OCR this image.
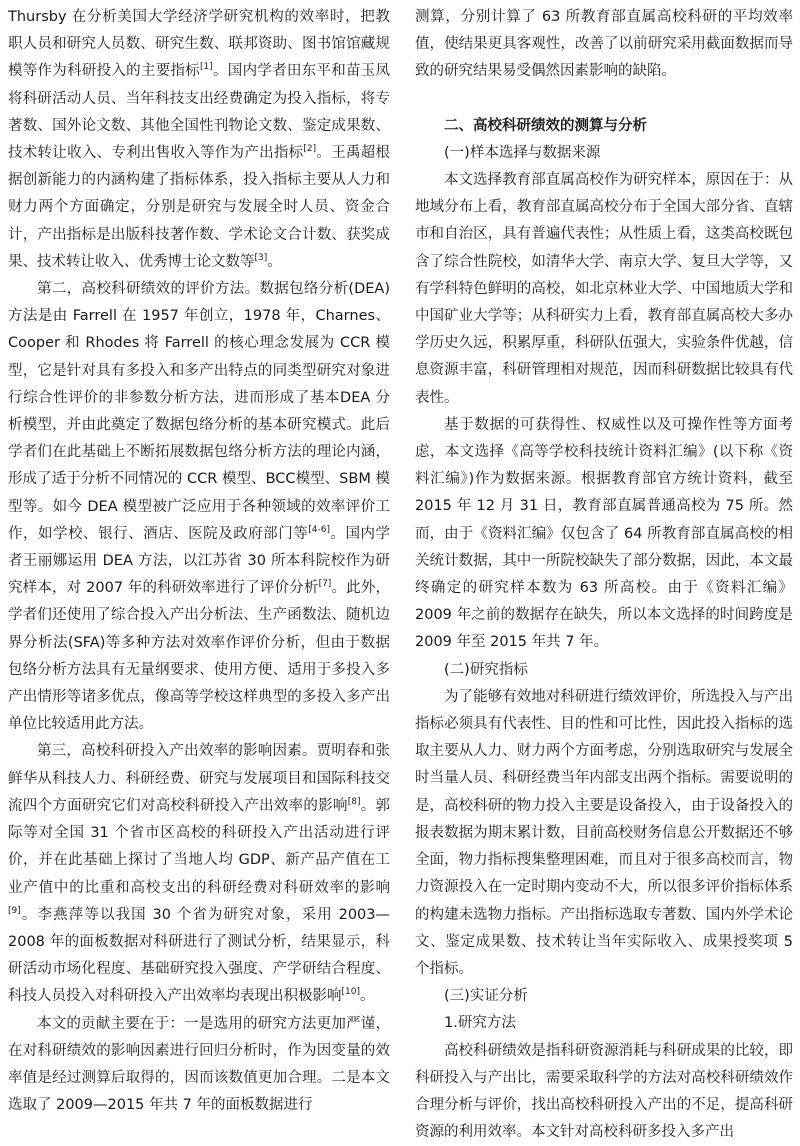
Thursby 在分析美国大学经济学研究机构的效率时，把教职人员和研究人员数、研究生数、联邦资助、图书馆馆藏规模等作为科研投入的主要指标[1]。国内学者田东平和苗玉凤将科研活动人员、当年科技支出经费确定为投入指标，将专著数、国外论文数、其他全国性刊物论文数、鉴定成果数、技术转让收入、专利出售收入等作为产出指标[2]。王禹超根据创新能力的内涵构建了指标体系，投入指标主要从人力和财力两个方面确定，分别是研究与发展全时人员、资金合计，产出指标是出版科技著作数、学术论文合计数、获奖成果、技术转让收入、优秀博士论文数等[3]。

第二，高校科研绩效的评价方法。数据包络分析(DEA)方法是由 Farrell 在 1957 年创立，1978 年，Charnes、Cooper 和 Rhodes 将 Farrell 的核心理念发展为 CCR 模型，它是针对具有多投入和多产出特点的同类型研究对象进行综合性评价的非参数分析方法，进而形成了基本DEA 分析模型，并由此奠定了数据包络分析的基本研究模式。此后学者们在此基础上不断拓展数据包络分析方法的理论内涵，形成了适于分析不同情况的 CCR 模型、BCC模型、SBM 模型等。如今 DEA 模型被广泛应用于各种领域的效率评价工作，如学校、银行、酒店、医院及政府部门等[4-6]。国内学者王丽娜运用 DEA 方法，以江苏省 30 所本科院校作为研究样本，对 2007 年的科研效率进行了评价分析[7]。此外，学者们还使用了综合投入产出分析法、生产函数法、随机边界分析法(SFA)等多种方法对效率作评价分析，但由于数据包络分析方法具有无量纲要求、使用方便、适用于多投入多产出情形等诸多优点，像高等学校这样典型的多投入多产出单位比较适用此方法。

第三，高校科研投入产出效率的影响因素。贾明春和张鲜华从科技人力、科研经费、研究与发展项目和国际科技交流四个方面研究它们对高校科研投入产出效率的影响[8]。郭际等对全国 31 个省市区高校的科研投入产出活动进行评价，并在此基础上探讨了当地人均 GDP、新产品产值在工业产值中的比重和高校支出的科研经费对科研效率的影响[9]。李燕萍等以我国 30 个省为研究对象，采用 2003—2008 年的面板数据对科研进行了测试分析，结果显示，科研活动市场化程度、基础研究投入强度、产学研结合程度、科技人员投入对科研投入产出效率均表现出积极影响[10]。

本文的贡献主要在于：一是选用的研究方法更加严谨，在对科研绩效的影响因素进行回归分析时，作为因变量的效率值是经过测算后取得的，因而该数值更加合理。二是本文选取了 2009—2015 年共 7 年的面板数据进行

测算，分别计算了 63 所教育部直属高校科研的平均效率值，使结果更具客观性，改善了以前研究采用截面数据而导致的研究结果易受偶然因素影响的缺陷。

二、高校科研绩效的测算与分析

(一)样本选择与数据来源

本文选择教育部直属高校作为研究样本，原因在于：从地域分布上看，教育部直属高校分布于全国大部分省、直辖市和自治区，具有普遍代表性；从性质上看，这类高校既包含了综合性院校，如清华大学、南京大学、复旦大学等，又有学科特色鲜明的高校，如北京林业大学、中国地质大学和中国矿业大学等；从科研实力上看，教育部直属高校大多办学历史久远，积累厚重，科研队伍强大，实验条件优越，信息资源丰富，科研管理相对规范，因而科研数据比较具有代表性。

基于数据的可获得性、权威性以及可操作性等方面考虑，本文选择《高等学校科技统计资料汇编》(以下称《资料汇编》)作为数据来源。根据教育部官方统计资料，截至 2015 年 12 月 31 日，教育部直属普通高校为 75 所。然而，由于《资料汇编》仅包含了 64 所教育部直属高校的相关统计数据，其中一所院校缺失了部分数据，因此，本文最终确定的研究样本数为 63 所高校。由于《资料汇编》2009 年之前的数据存在缺失，所以本文选择的时间跨度是 2009 年至 2015 年共 7 年。

(二)研究指标

为了能够有效地对科研进行绩效评价，所选投入与产出指标必须具有代表性、目的性和可比性，因此投入指标的选取主要从人力、财力两个方面考虑，分别选取研究与发展全时当量人员、科研经费当年内部支出两个指标。需要说明的是，高校科研的物力投入主要是设备投入，由于设备投入的报表数据为期末累计数，目前高校财务信息公开数据还不够全面，物力指标搜集整理困难，而且对于很多高校而言，物力资源投入在一定时期内变动不大，所以很多评价指标体系的构建未选物力指标。产出指标选取专著数、国内外学术论文、鉴定成果数、技术转让当年实际收入、成果授奖项 5 个指标。

(三)实证分析

1.研究方法

高校科研绩效是指科研资源消耗与科研成果的比较，即科研投入与产出比，需要采取科学的方法对高校科研绩效作合理分析与评价，找出高校科研投入产出的不足，提高科研资源的利用效率。本文针对高校科研多投入多产出
